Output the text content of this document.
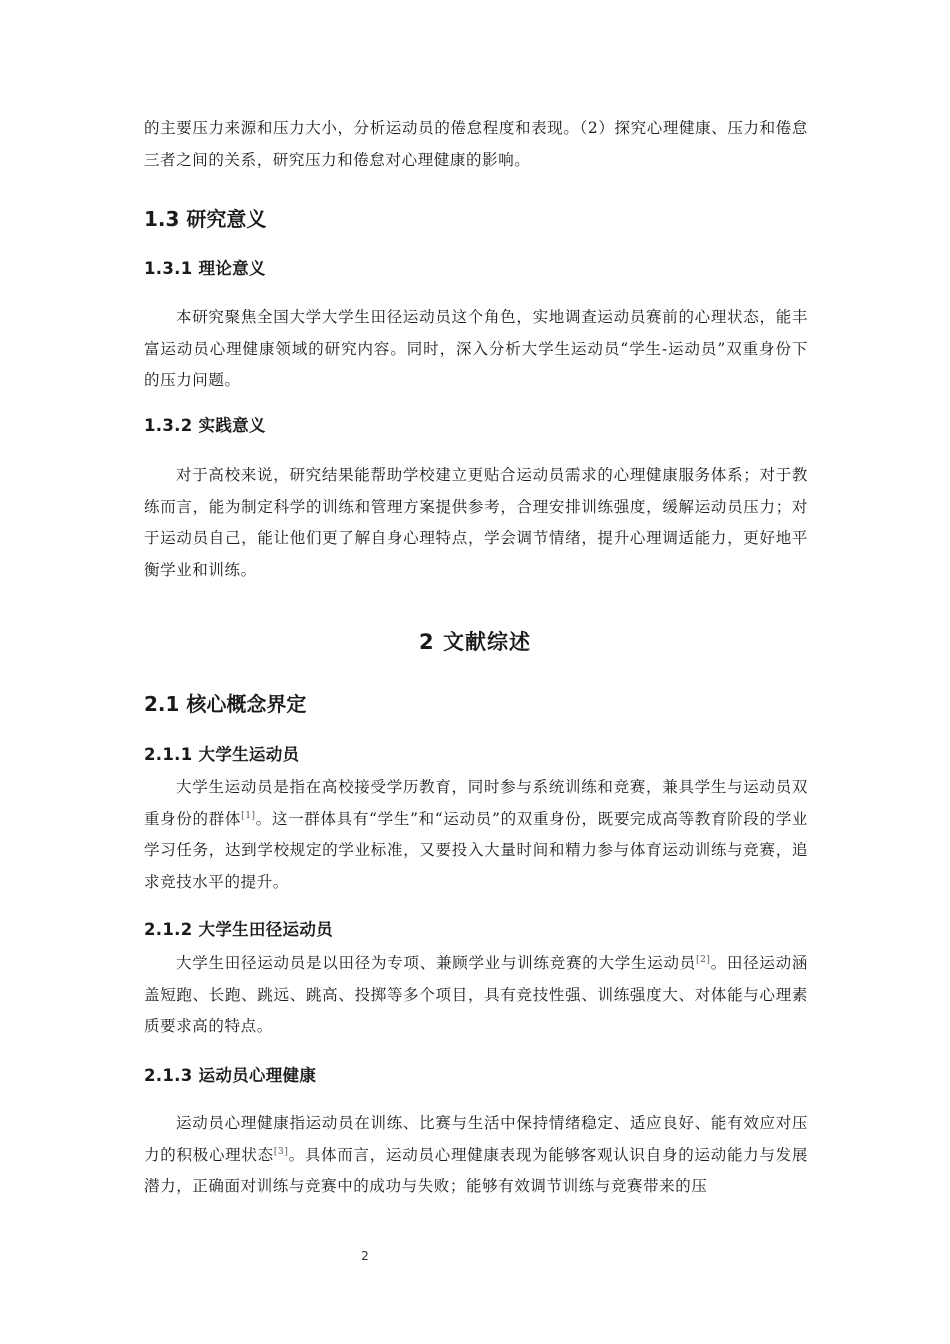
的主要压力来源和压力大小，分析运动员的倦怠程度和表现。（2）探究心理健康、压力和倦怠三者之间的关系，研究压力和倦怠对心理健康的影响。

1.3 研究意义
1.3.1 理论意义

本研究聚焦全国大学大学生田径运动员这个角色，实地调查运动员赛前的心理状态，能丰富运动员心理健康领域的研究内容。同时，深入分析大学生运动员“学生-运动员”双重身份下的压力问题。

1.3.2 实践意义

对于高校来说，研究结果能帮助学校建立更贴合运动员需求的心理健康服务体系；对于教练而言，能为制定科学的训练和管理方案提供参考，合理安排训练强度，缓解运动员压力；对于运动员自己，能让他们更了解自身心理特点，学会调节情绪，提升心理调适能力，更好地平衡学业和训练。

2 文献综述
2.1 核心概念界定
2.1.1 大学生运动员

大学生运动员是指在高校接受学历教育，同时参与系统训练和竞赛，兼具学生与运动员双重身份的群体[1]。这一群体具有“学生”和“运动员”的双重身份，既要完成高等教育阶段的学业学习任务，达到学校规定的学业标准，又要投入大量时间和精力参与体育运动训练与竞赛，追求竞技水平的提升。

2.1.2 大学生田径运动员

大学生田径运动员是以田径为专项、兼顾学业与训练竞赛的大学生运动员[2]。田径运动涵盖短跑、长跑、跳远、跳高、投掷等多个项目，具有竞技性强、训练强度大、对体能与心理素质要求高的特点。

2.1.3 运动员心理健康

运动员心理健康指运动员在训练、比赛与生活中保持情绪稳定、适应良好、能有效应对压力的积极心理状态[3]。具体而言，运动员心理健康表现为能够客观认识自身的运动能力与发展潜力，正确面对训练与竞赛中的成功与失败；能够有效调节训练与竞赛带来的压

2
